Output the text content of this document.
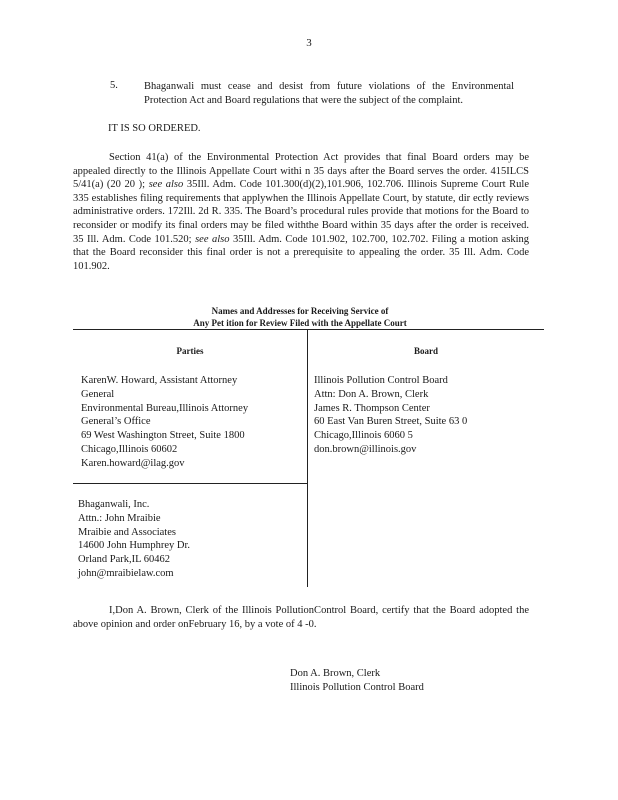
3
5. Bhaganwali must cease and desist from future violations of the Environmental Protection Act and Board regulations that were the subject of the complaint.
IT IS SO ORDERED.
Section 41(a) of the Environmental Protection Act provides that final Board orders may be appealed directly to the Illinois Appellate Court withi n 35 days after the Board serves the order. 415ILCS 5/41(a) (20 20 ); see also 35Ill. Adm. Code 101.300(d)(2),101.906, 102.706. Illinois Supreme Court Rule 335 establishes filing requirements that applywhen the Illinois Appellate Court, by statute, dir ectly reviews administrative orders. 172Ill. 2d R. 335. The Board’s procedural rules provide that motions for the Board to reconsider or modify its final orders may be filed withthe Board within 35 days after the order is received. 35 Ill. Adm. Code 101.520; see also 35Ill. Adm. Code 101.902, 102.700, 102.702. Filing a motion asking that the Board reconsider this final order is not a prerequisite to appealing the order. 35 Ill. Adm. Code 101.902.
Names and Addresses for Receiving Service of
Any Pet ition for Review Filed with the Appellate Court
Parties	Board
KarenW. Howard, Assistant Attorney
General
Environmental Bureau,Illinois Attorney
General’s Office
69 West Washington Street, Suite 1800
Chicago,Illinois 60602
Karen.howard@ilag.gov
Illinois Pollution Control Board
Attn: Don A. Brown, Clerk
James R. Thompson Center
60 East Van Buren Street, Suite 63 0
Chicago,Illinois 6060 5
don.brown@illinois.gov
Bhaganwali, Inc.
Attn.: John Mraibie
Mraibie and Associates
14600 John Humphrey Dr.
Orland Park,IL 60462
john@mraibielaw.com
I,Don A. Brown, Clerk of the Illinois PollutionControl Board, certify that the Board adopted the above opinion and order onFebruary 16, by a vote of 4 -0.
Don A. Brown, Clerk
Illinois Pollution Control Board
